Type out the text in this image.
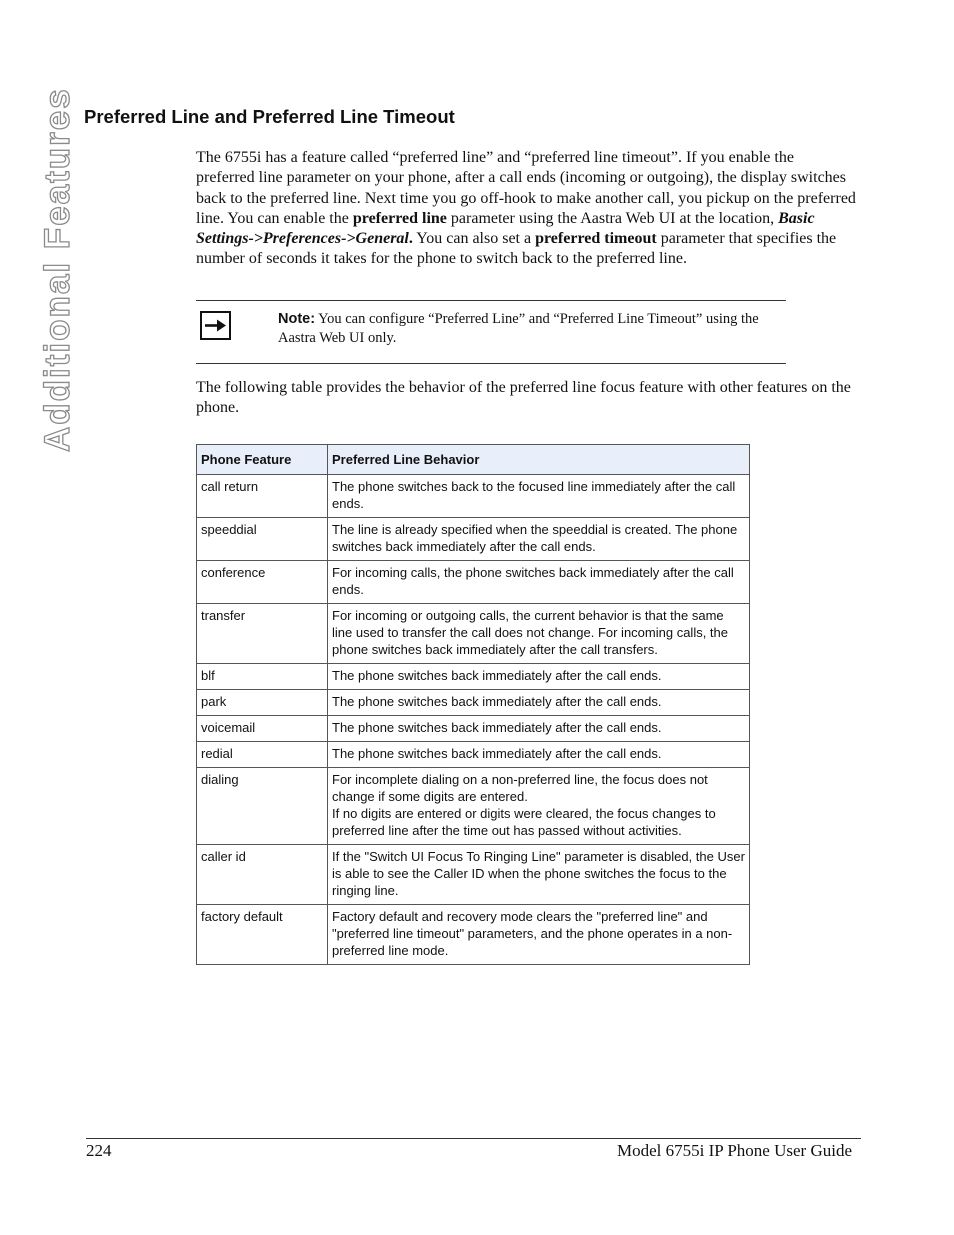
Additional Features Preferred Line and Preferred Line Timeout

The 6755i has a feature called “preferred line” and “preferred line timeout”. If you enable the preferred line parameter on your phone, after a call ends (incoming or outgoing), the display switches back to the preferred line. Next time you go off-hook to make another call, you pickup on the preferred line. You can enable the preferred line parameter using the Aastra Web UI at the location, Basic Settings->Preferences->General. You can also set a preferred timeout parameter that specifies the number of seconds it takes for the phone to switch back to the preferred line.

Note: You can configure “Preferred Line” and “Preferred Line Timeout” using the Aastra Web UI only.

The following table provides the behavior of the preferred line focus feature with other features on the phone.

Phone Feature	Preferred Line Behavior
call return	The phone switches back to the focused line immediately after the call ends.
speeddial	The line is already specified when the speeddial is created. The phone switches back immediately after the call ends.
conference	For incoming calls, the phone switches back immediately after the call ends.
transfer	For incoming or outgoing calls, the current behavior is that the same line used to transfer the call does not change. For incoming calls, the phone switches back immediately after the call transfers.
blf	The phone switches back immediately after the call ends.
park	The phone switches back immediately after the call ends.
voicemail	The phone switches back immediately after the call ends.
redial	The phone switches back immediately after the call ends.
dialing	For incomplete dialing on a non-preferred line, the focus does not change if some digits are entered.
If no digits are entered or digits were cleared, the focus changes to preferred line after the time out has passed without activities.
caller id	If the "Switch UI Focus To Ringing Line" parameter is disabled, the User is able to see the Caller ID when the phone switches the focus to the ringing line.
factory default	Factory default and recovery mode clears the "preferred line" and "preferred line timeout" parameters, and the phone operates in a non-preferred line mode.
224	Model 6755i IP Phone User Guide
